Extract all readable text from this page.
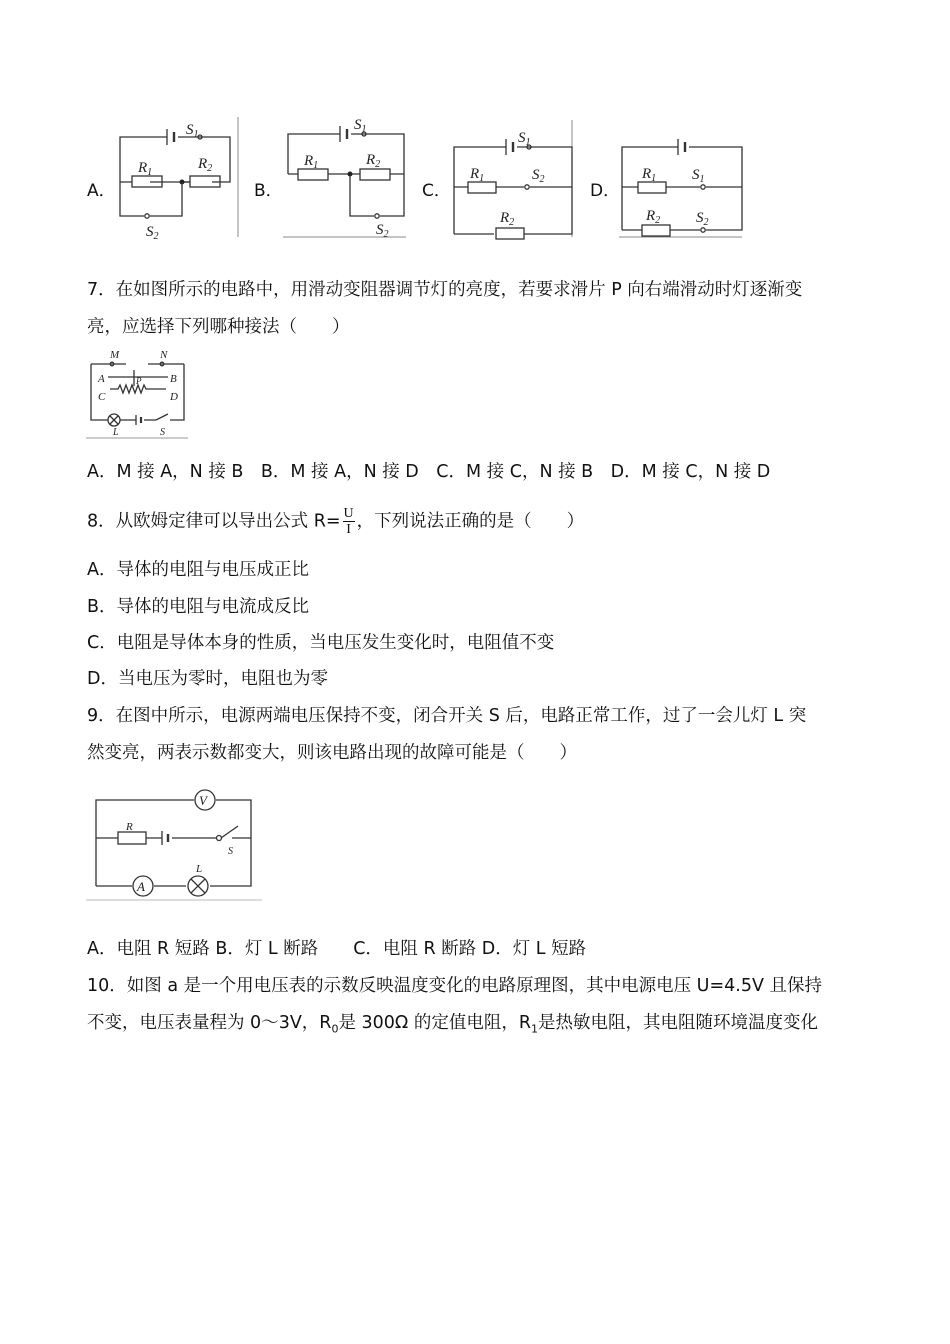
A．
$S_1$
$R_1$
$R_2$
$S_2$
B．
$S_1$
$R_1$	$R_2$
$S_2$
C．
$S_1$
$R_1$	$S_2$
$R_2$
D．
$R_1$ $S_1$
$R_2$ $S_2$
7．在如图所示的电路中，用滑动变阻器调节灯的亮度，若要求滑片 P 向右端滑动时灯逐渐变
亮，应选择下列哪种接法（　　）
M	N
A	B
C	D
P
L	S
A．M 接 A，N 接 B　B．M 接 A，N 接 D　C．M 接 C，N 接 B　D．M 接 C，N 接 D
8．从欧姆定律可以导出公式 $R= \frac{U}{I}$ ，下列说法正确的是（　　）
A．导体的电阻与电压成正比
B．导体的电阻与电流成反比
C．电阻是导体本身的性质，当电压发生变化时，电阻值不变
D．当电压为零时，电阻也为零
9．在图中所示，电源两端电压保持不变，闭合开关 S 后，电路正常工作，过了一会儿灯 L 突
然变亮，两表示数都变大，则该电路出现的故障可能是（　　）
V
A
R
L
S
A．电阻 R 短路 B．灯 L 断路　　C．电阻 R 断路 D．灯 L 短路
10．如图 a 是一个用电压表的示数反映温度变化的电路原理图，其中电源电压 U=4.5V 且保持
不变，电压表量程为 0～3V，$R_0$是 300Ω 的定值电阻，$R_1$是热敏电阻，其电阻随环境温度变化
